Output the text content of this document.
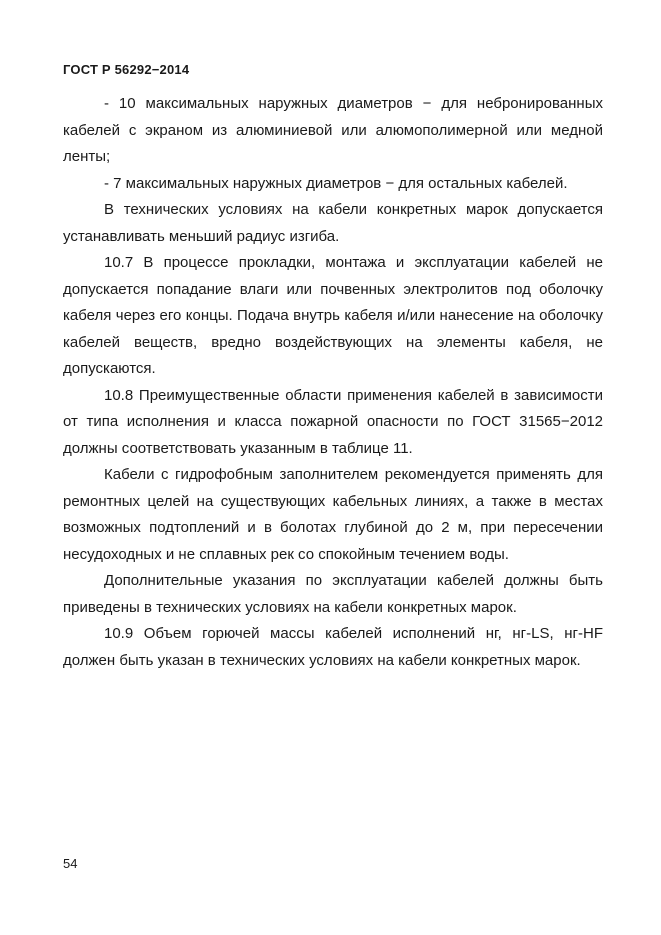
ГОСТ Р 56292−2014

- 10 максимальных наружных диаметров − для небронированных кабелей с экраном из алюминиевой или алюмополимерной или медной ленты;

- 7 максимальных наружных диаметров − для остальных кабелей.

В технических условиях на кабели конкретных марок допускается устанавливать меньший радиус изгиба.

10.7 В процессе прокладки, монтажа и эксплуатации кабелей не допускается попадание влаги или почвенных электролитов под оболочку кабеля через его концы. Подача внутрь кабеля и/или нанесение на оболочку кабелей веществ, вредно воздействующих на элементы кабеля, не допускаются.

10.8 Преимущественные области применения кабелей в зависимости от типа исполнения и класса пожарной опасности по ГОСТ 31565−2012 должны соответствовать указанным в таблице 11.

Кабели с гидрофобным заполнителем рекомендуется применять для ремонтных целей на существующих кабельных линиях, а также в местах возможных подтоплений и в болотах глубиной до 2 м, при пересечении несудоходных и не сплавных рек со спокойным течением воды.

Дополнительные указания по эксплуатации кабелей должны быть приведены в технических условиях на кабели конкретных марок.

10.9 Объем горючей массы кабелей исполнений нг, нг-LS, нг-HF должен быть указан в технических условиях на кабели конкретных марок.

54
